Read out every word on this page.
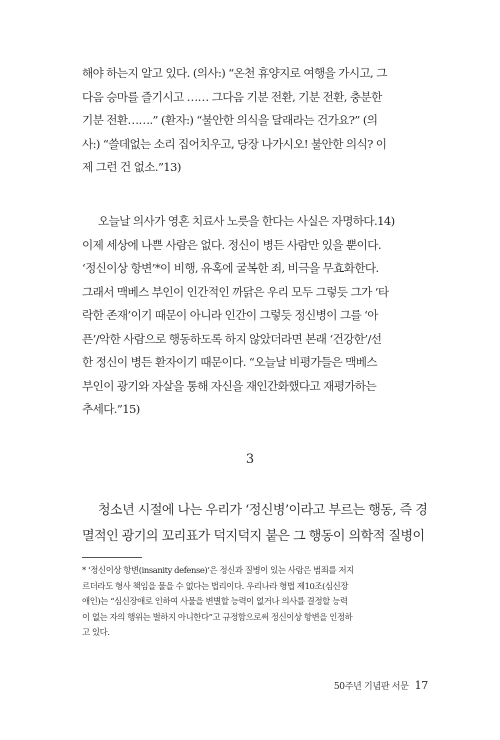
해야 하는지 알고 있다. (의사:) “온천 휴양지로 여행을 가시고, 그
다음 승마를 즐기시고 …… 그다음 기분 전환, 기분 전환, 충분한
기분 전환…….” (환자:) “불안한 의식을 달래라는 건가요?” (의
사:) “쓸데없는 소리 집어치우고, 당장 나가시오! 불안한 의식? 이
제 그런 건 없소.”13)
오늘날 의사가 영혼 치료사 노릇을 한다는 사실은 자명하다.14)
이제 세상에 나쁜 사람은 없다. 정신이 병든 사람만 있을 뿐이다.
‘정신이상 항변’*이 비행, 유혹에 굴복한 죄, 비극을 무효화한다.
그래서 맥베스 부인이 인간적인 까닭은 우리 모두 그렇듯 그가 ‘타
락한 존재’이기 때문이 아니라 인간이 그렇듯 정신병이 그를 ‘아
픈’/악한 사람으로 행동하도록 하지 않았더라면 본래 ‘건강한’/선
한 정신이 병든 환자이기 때문이다. “오늘날 비평가들은 맥베스
부인이 광기와 자살을 통해 자신을 재인간화했다고 재평가하는
추세다.”15)
3
청소년 시절에 나는 우리가 ‘정신병’이라고 부르는 행동, 즉 경
멸적인 광기의 꼬리표가 덕지덕지 붙은 그 행동이 의학적 질병이
* ‘정신이상 항변(insanity defense)’은 정신과 질병이 있는 사람은 범죄를 저지
르더라도 형사 책임을 물을 수 없다는 법리이다. 우리나라 형법 제10조(심신장
애인)는 “심신장애로 인하여 사물을 변별할 능력이 없거나 의사를 결정할 능력
이 없는 자의 행위는 벌하지 아니한다”고 규정함으로써 정신이상 항변을 인정하
고 있다.
50주년 기념판 서문 17
